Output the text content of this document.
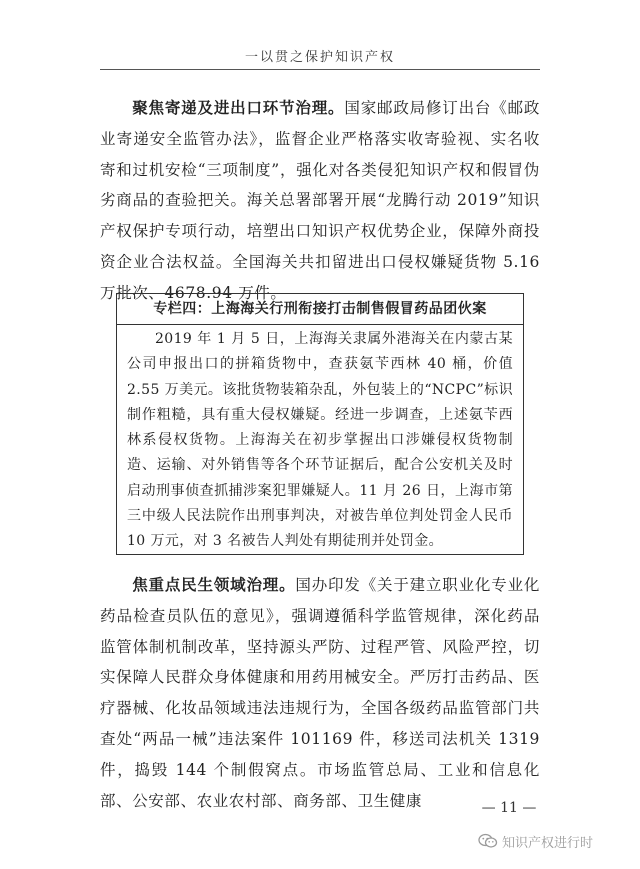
一以贯之保护知识产权

聚焦寄递及进出口环节治理。国家邮政局修订出台《邮政业寄递安全监管办法》，监督企业严格落实收寄验视、实名收寄和过机安检“三项制度”，强化对各类侵犯知识产权和假冒伪劣商品的查验把关。海关总署部署开展“龙腾行动 2019”知识产权保护专项行动，培塑出口知识产权优势企业，保障外商投资企业合法权益。全国海关共扣留进出口侵权嫌疑货物 5.16 万批次、4678.94 万件。

专栏四：上海海关行刑衔接打击制售假冒药品团伙案

2019 年 1 月 5 日，上海海关隶属外港海关在内蒙古某公司申报出口的拼箱货物中，查获氨苄西林 40 桶，价值 2.55 万美元。该批货物装箱杂乱，外包装上的“NCPC”标识制作粗糙，具有重大侵权嫌疑。经进一步调查，上述氨苄西林系侵权货物。上海海关在初步掌握出口涉嫌侵权货物制造、运输、对外销售等各个环节证据后，配合公安机关及时启动刑事侦查抓捕涉案犯罪嫌疑人。11 月 26 日，上海市第三中级人民法院作出刑事判决，对被告单位判处罚金人民币 10 万元，对 3 名被告人判处有期徒刑并处罚金。

焦重点民生领域治理。国办印发《关于建立职业化专业化药品检查员队伍的意见》，强调遵循科学监管规律，深化药品监管体制机制改革，坚持源头严防、过程严管、风险严控，切实保障人民群众身体健康和用药用械安全。严厉打击药品、医疗器械、化妆品领域违法违规行为，全国各级药品监管部门共查处“两品一械”违法案件 101169 件，移送司法机关 1319 件，捣毁 144 个制假窝点。市场监管总局、工业和信息化部、公安部、农业农村部、商务部、卫生健康	— 11 —
知识产权进行时
